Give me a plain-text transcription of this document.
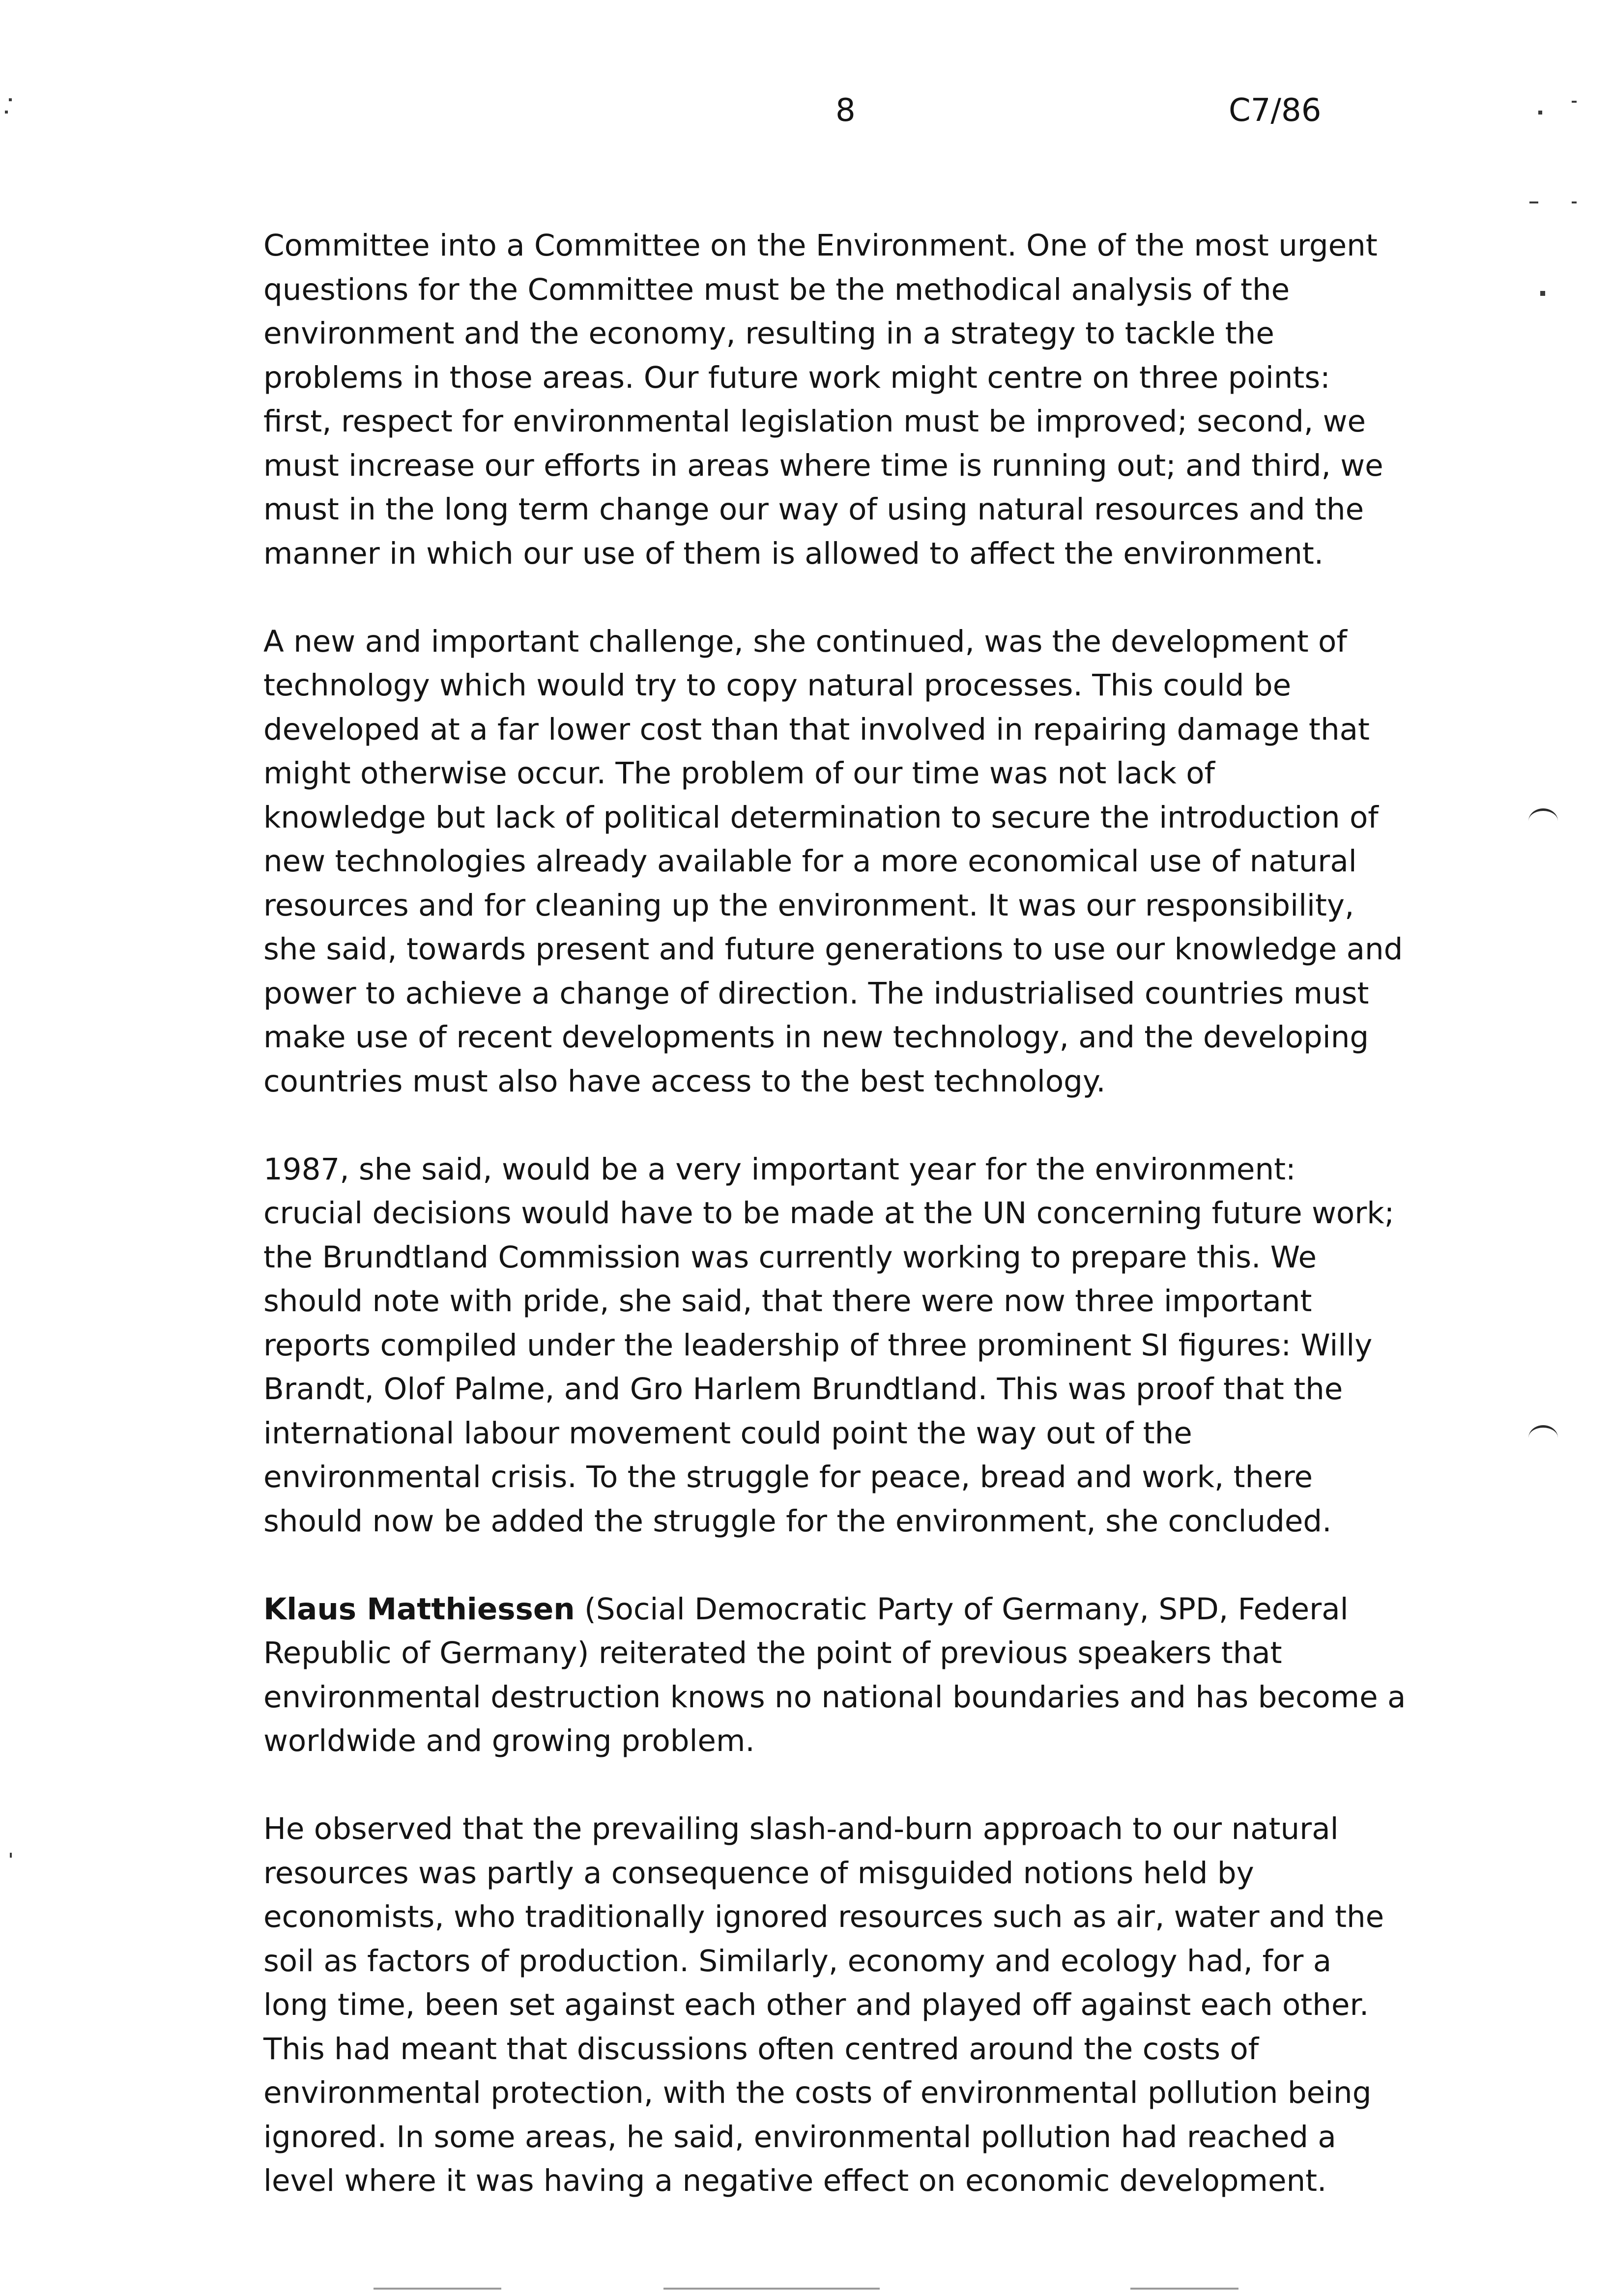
8	C7/86
Committee into a Committee on the Environment. One of the most urgent
questions for the Committee must be the methodical analysis of the
environment and the economy, resulting in a strategy to tackle the
problems in those areas. Our future work might centre on three points:
first, respect for environmental legislation must be improved; second, we
must increase our efforts in areas where time is running out; and third, we
must in the long term change our way of using natural resources and the
manner in which our use of them is allowed to affect the environment.
A new and important challenge, she continued, was the development of
technology which would try to copy natural processes. This could be
developed at a far lower cost than that involved in repairing damage that
might otherwise occur. The problem of our time was not lack of
knowledge but lack of political determination to secure the introduction of
new technologies already available for a more economical use of natural
resources and for cleaning up the environment. It was our responsibility,
she said, towards present and future generations to use our knowledge and
power to achieve a change of direction. The industrialised countries must
make use of recent developments in new technology, and the developing
countries must also have access to the best technology.
1987, she said, would be a very important year for the environment:
crucial decisions would have to be made at the UN concerning future work;
the Brundtland Commission was currently working to prepare this. We
should note with pride, she said, that there were now three important
reports compiled under the leadership of three prominent SI figures: Willy
Brandt, Olof Palme, and Gro Harlem Brundtland. This was proof that the
international labour movement could point the way out of the
environmental crisis. To the struggle for peace, bread and work, there
should now be added the struggle for the environment, she concluded.
Klaus Matthiessen (Social Democratic Party of Germany, SPD, Federal
Republic of Germany) reiterated the point of previous speakers that
environmental destruction knows no national boundaries and has become a
worldwide and growing problem.
He observed that the prevailing slash-and-burn approach to our natural
resources was partly a consequence of misguided notions held by
economists, who traditionally ignored resources such as air, water and the
soil as factors of production. Similarly, economy and ecology had, for a
long time, been set against each other and played off against each other.
This had meant that discussions often centred around the costs of
environmental protection, with the costs of environmental pollution being
ignored. In some areas, he said, environmental pollution had reached a
level where it was having a negative effect on economic development.
